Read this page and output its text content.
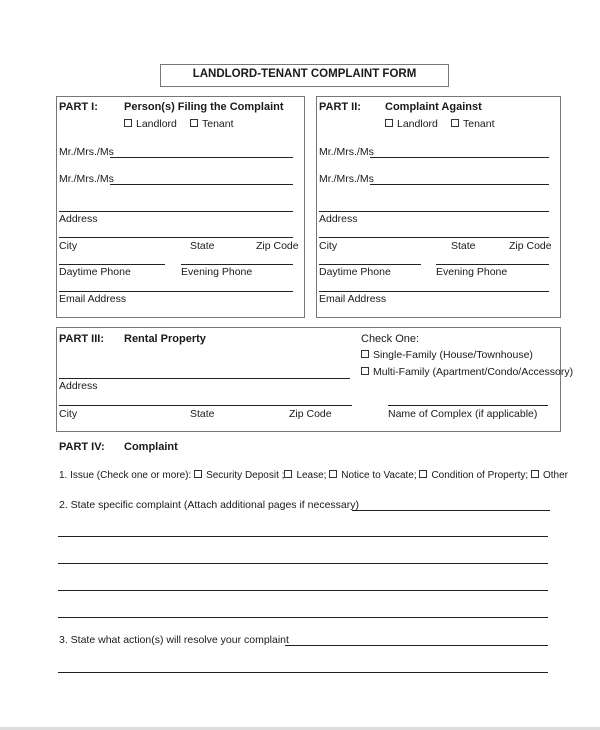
LANDLORD-TENANT COMPLAINT FORM
PART I: Person(s) Filing the Complaint
Landlord	Tenant
Mr./Mrs./Ms
Mr./Mrs./Ms
Address
City	State	Zip Code
Daytime Phone	Evening Phone
Email Address
PART II: Complaint Against
Landlord	Tenant
Mr./Mrs./Ms
Mr./Mrs./Ms
Address
City	State	Zip Code
Daytime Phone	Evening Phone
Email Address
PART III: Rental Property	Check One:
Single-Family (House/Townhouse)
Multi-Family (Apartment/Condo/Accessory)
Address
City	State	Zip Code	Name of Complex (if applicable)
PART IV: Complaint
1. Issue (Check one or more): Security Deposit ; Lease; Notice to Vacate; Condition of Property; Other
2. State specific complaint (Attach additional pages if necessary)
3. State what action(s) will resolve your complaint
